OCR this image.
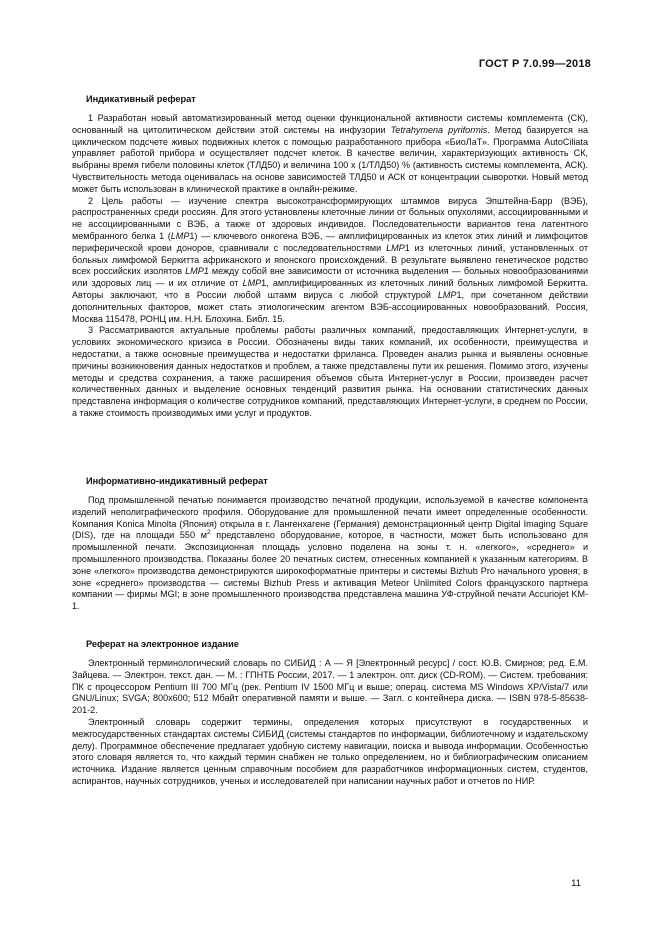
ГОСТ Р 7.0.99—2018
Индикативный реферат

1 Разработан новый автоматизированный метод оценки функциональной активности системы комплемента (СК), основанный на цитолитическом действии этой системы на инфузории Tetrahymena pyriformis. Метод базируется на цикличеcком подсчете живых подвижных клеток с помощью разработанного прибора «БиоЛаТ». Программа AutoCiliata управляет работой прибора и осуществляет подсчет клеток. В качестве величин, характеризующих активность СК, выбраны время гибели половины клеток (ТЛД50) и величина 100 х (1/ТЛД50) % (активность системы комплемента, АСК). Чувствительность метода оценивалась на основе зависимостей ТЛД50 и АСК от концентрации сыворотки. Новый метод может быть использован в клинической практике в онлайн-режиме.

2 Цель работы — изучение спектра высокотрансформирующих штаммов вируса Эпштейна-Барр (ВЭБ), распространенных среди россиян. Для этого установлены клеточные линии от больных опухолями, ассоциированными и не ассоциированными с ВЭБ, а также от здоровых индивидов. Последовательности вариантов гена латентного мембранного белка 1 (LMP1) — ключевого онкогена ВЭБ, — амплифицированных из клеток этих линий и лимфоцитов периферической крови доноров, сравнивали с последовательностями LMP1 из клеточных линий, установленных от больных лимфомой Беркитта африканского и японского происхождений. В результате выявлено генетическое родство всех российских изолятов LMP1 между собой вне зависимости от источника выделения — больных новообразованиями или здоровых лиц — и их отличие от LMP1, амплифицированных из клеточных линий больных лимфомой Беркитта. Авторы заключают, что в России любой штамм вируса с любой структурой LMP1, при сочетанном действии дополнительных факторов, может стать этиологическим агентом ВЭБ-ассоциированных новообразований. Россия, Москва 115478, РОНЦ им. Н.Н. Блохина. Библ. 15.

3 Рассматриваются актуальные проблемы работы различных компаний, предоставляющих Интернет-услуги, в условиях экономического кризиса в России. Обозначены виды таких компаний, их особенности, преимущества и недостатки, а также основные преимущества и недостатки фриланса. Проведен анализ рынка и выявлены основные причины возникновения данных недостатков и проблем, а также представлены пути их решения. Помимо этого, изучены методы и средства сохранения, а также расширения объемов сбыта Интернет-услуг в России, произведен расчет количественных данных и выделение основных тенденций развития рынка. На основании статистических данных представлена информация о количестве сотрудников компаний, представляющих Интернет-услуги, в среднем по России, а также стоимость производимых ими услуг и продуктов.

Информативно-индикативный реферат

Под промышленной печатью понимается производство печатной продукции, используемой в качестве компонента изделий неполиграфического профиля. Оборудование для промышленной печати имеет определенные особенности. Компания Konica Minolta (Япония) открыла в г. Лангенхагене (Германия) демонстрационный центр Digital Imaging Square (DIS), где на площади 550 $м^2$ представлено оборудование, которое, в частности, может быть использовано для промышленной печати. Экспозиционная площадь условно поделена на зоны т. н. «легкого», «среднего» и промышленного производства. Показаны более 20 печатных систем, отнесенных компанией к указанным категориям. В зоне «легкого» производства демонстрируются широкоформатные принтеры и системы Bizhub Pro начального уровня; в зоне «среднего» производства — системы Bizhub Press и активация Meteor Unlimited Colors французского партнера компании — фирмы MGI; в зоне промышленного производства представлена машина УФ-струйной печати Accuriojet KM-1.

Реферат на электронное издание

Электронный терминологический словарь по СИБИД : А — Я [Электронный ресурс] / сост. Ю.В. Смирнов; ред. Е.М. Зайцева. — Электрон. текст. дан. — М. : ГПНТБ России, 2017. — 1 электрон. опт. диск (CD-ROM). — Систем. требования: ПК с процессором Pentium III 700 МГц (рек. Pentium IV 1500 МГц и выше; операц. система MS Windows XP/Vista/7 или GNU/Linux; SVGA; 800х600; 512 Мбайт оперативной памяти и выше. — Загл. с контейнера диска. — ISBN 978-5-85638-201-2.

Электронный словарь содержит термины, определения которых присутствуют в государственных и межгосударственных стандартах системы СИБИД (системы стандартов по информации, библиотечному и издательскому делу). Программное обеспечение предлагает удобную систему навигации, поиска и вывода информации. Особенностью этого словаря является то, что каждый термин снабжен не только определением, но и библиографическим описанием источника. Издание является ценным справочным пособием для разработчиков информационных систем, студентов, аспирантов, научных сотрудников, ученых и исследователей при написании научных работ и отчетов по НИР.

11
